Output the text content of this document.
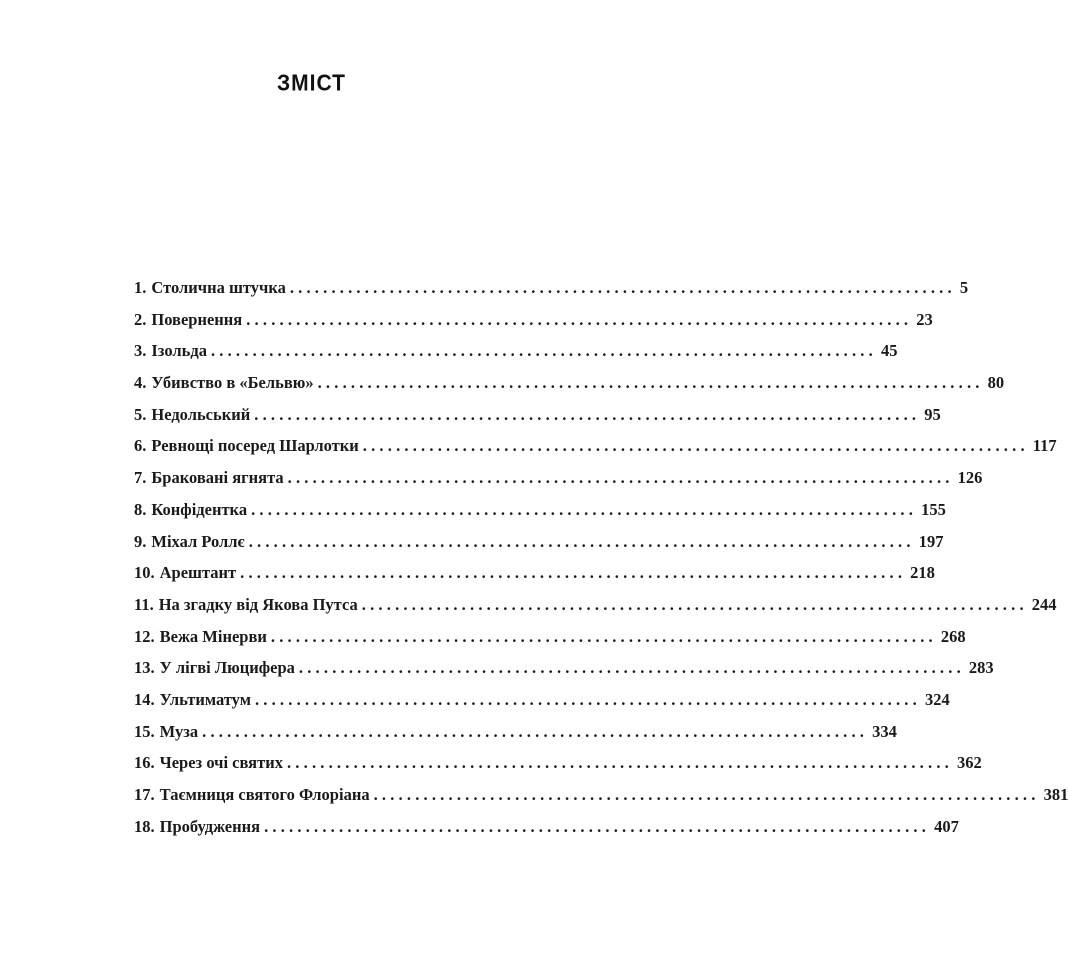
ЗМІСТ
1. Столична штучка ................................................................................ 5
2. Повернення ................................................................................ 23
3. Ізольда ................................................................................ 45
4. Убивство в «Бельвю» ................................................................................ 80
5. Недольський ................................................................................ 95
6. Ревнощі посеред Шарлотки ................................................................................ 117
7. Браковані ягнята ................................................................................ 126
8. Конфідентка ................................................................................ 155
9. Міхал Роллє ................................................................................ 197
10. Арештант ................................................................................ 218
11. На згадку від Якова Путса ................................................................................ 244
12. Вежа Мінерви ................................................................................ 268
13. У лігві Люцифера ................................................................................ 283
14. Ультиматум ................................................................................ 324
15. Муза ................................................................................ 334
16. Через очі святих ................................................................................ 362
17. Таємниця святого Флоріана ................................................................................ 381
18. Пробудження ................................................................................ 407
